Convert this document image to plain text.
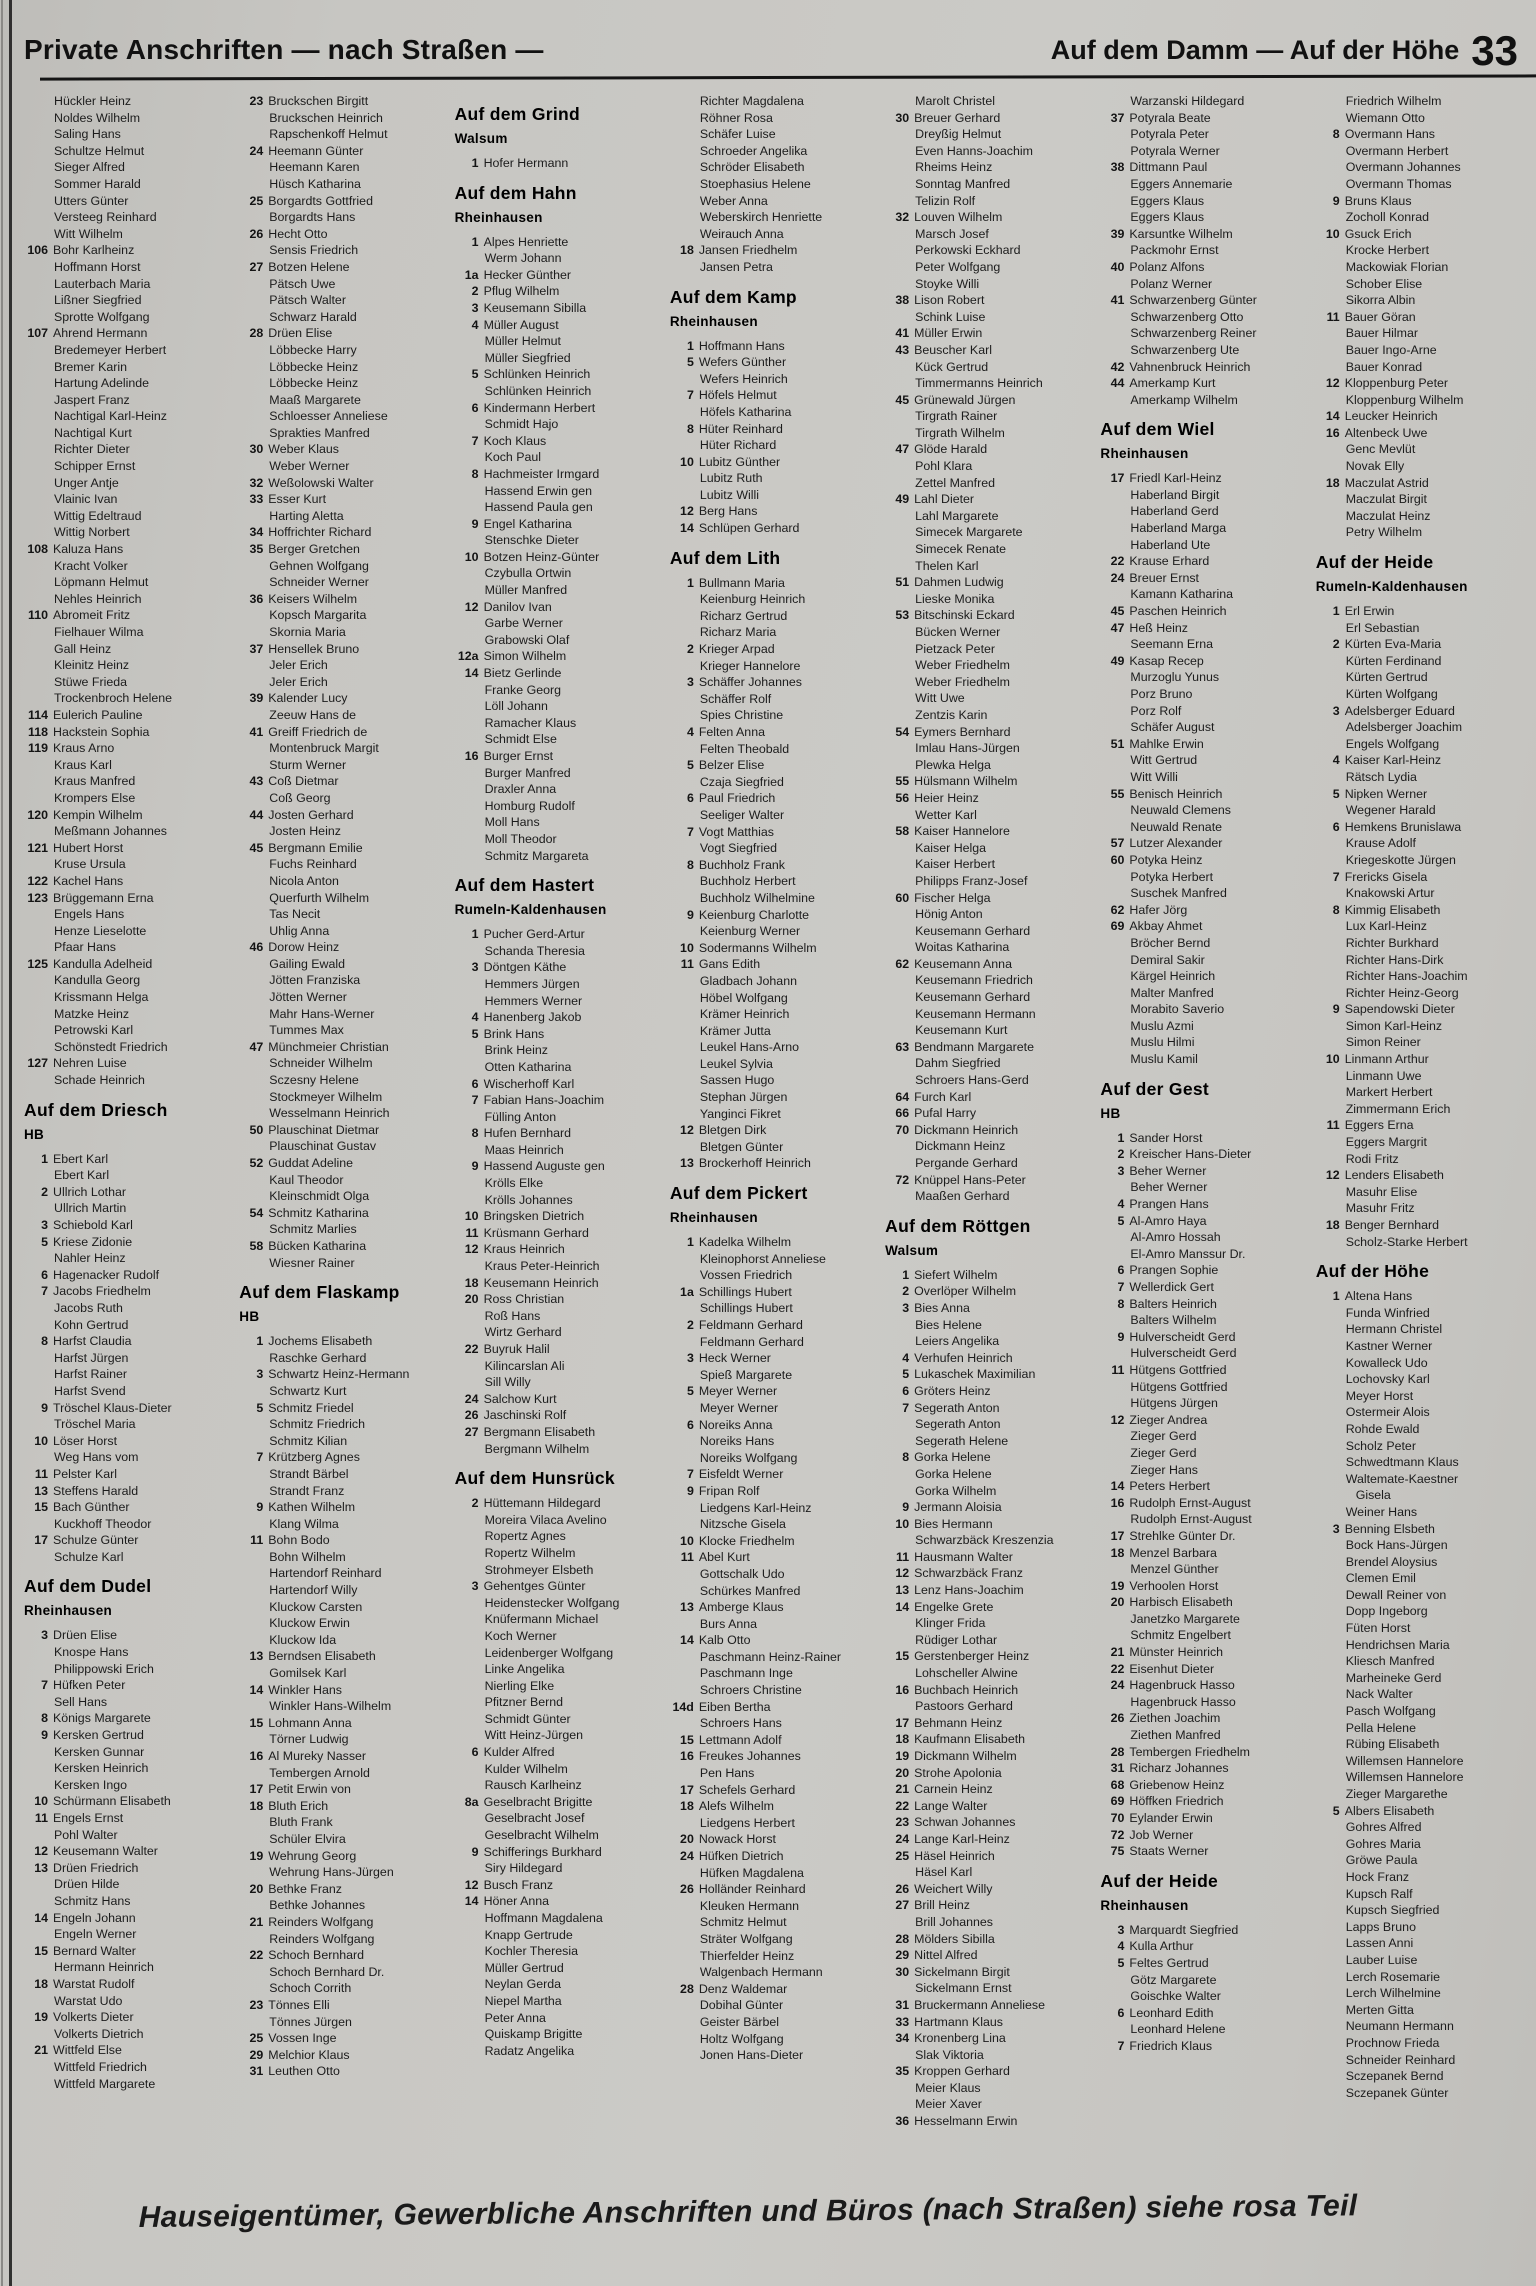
Private Anschriften — nach Straßen —	Auf dem Damm — Auf der Höhe 33
Hückler Heinz
Noldes Wilhelm
Saling Hans
Schultze Helmut
Sieger Alfred
Sommer Harald
Utters Günter
Versteeg Reinhard
Witt Wilhelm
106 Bohr Karlheinz
Hoffmann Horst
Lauterbach Maria
Lißner Siegfried
Sprotte Wolfgang
107 Ahrend Hermann
Bredemeyer Herbert
Bremer Karin
Hartung Adelinde
Jaspert Franz
Nachtigal Karl-Heinz
Nachtigal Kurt
Richter Dieter
Schipper Ernst
Unger Antje
Vlainic Ivan
Wittig Edeltraud
Wittig Norbert
108 Kaluza Hans
Kracht Volker
Löpmann Helmut
Nehles Heinrich
110 Abromeit Fritz
Fielhauer Wilma
Gall Heinz
Kleinitz Heinz
Stüwe Frieda
Trockenbroch Helene
114 Eulerich Pauline
118 Hackstein Sophia
119 Kraus Arno
Kraus Karl
Kraus Manfred
Krompers Else
120 Kempin Wilhelm
Meßmann Johannes
121 Hubert Horst
Kruse Ursula
122 Kachel Hans
123 Brüggemann Erna
Engels Hans
Henze Lieselotte
Pfaar Hans
125 Kandulla Adelheid
Kandulla Georg
Krissmann Helga
Matzke Heinz
Petrowski Karl
Schönstedt Friedrich
127 Nehren Luise
Schade Heinrich
Auf dem Driesch
HB
1 Ebert Karl
Ebert Karl
2 Ullrich Lothar
Ullrich Martin
3 Schiebold Karl
5 Kriese Zidonie
Nahler Heinz
6 Hagenacker Rudolf
7 Jacobs Friedhelm
Jacobs Ruth
Kohn Gertrud
8 Harfst Claudia
Harfst Jürgen
Harfst Rainer
Harfst Svend
9 Tröschel Klaus-Dieter
Tröschel Maria
10 Löser Horst
Weg Hans vom
11 Pelster Karl
13 Steffens Harald
15 Bach Günther
Kuckhoff Theodor
17 Schulze Günter
Schulze Karl
Auf dem Dudel
Rheinhausen
3 Drüen Elise
Knospe Hans
Philippowski Erich
7 Hüfken Peter
Sell Hans
8 Königs Margarete
9 Kersken Gertrud
Kersken Gunnar
Kersken Heinrich
Kersken Ingo
10 Schürmann Elisabeth
11 Engels Ernst
Pohl Walter
12 Keusemann Walter
13 Drüen Friedrich
Drüen Hilde
Schmitz Hans
14 Engeln Johann
Engeln Werner
15 Bernard Walter
Hermann Heinrich
18 Warstat Rudolf
Warstat Udo
19 Volkerts Dieter
Volkerts Dietrich
21 Wittfeld Else
Wittfeld Friedrich
Wittfeld Margarete
23 Bruckschen Birgitt
Bruckschen Heinrich
Rapschenkoff Helmut
24 Heemann Günter
Heemann Karen
Hüsch Katharina
25 Borgardts Gottfried
Borgardts Hans
26 Hecht Otto
Sensis Friedrich
27 Botzen Helene
Pätsch Uwe
Pätsch Walter
Schwarz Harald
28 Drüen Elise
Löbbecke Harry
Löbbecke Heinz
Löbbecke Heinz
Maaß Margarete
Schloesser Anneliese
Sprakties Manfred
30 Weber Klaus
Weber Werner
32 Weßolowski Walter
33 Esser Kurt
Harting Aletta
34 Hoffrichter Richard
35 Berger Gretchen
Gehnen Wolfgang
Schneider Werner
36 Keisers Wilhelm
Kopsch Margarita
Skornia Maria
37 Hensellek Bruno
Jeler Erich
Jeler Erich
39 Kalender Lucy
Zeeuw Hans de
41 Greiff Friedrich de
Montenbruck Margit
Sturm Werner
43 Coß Dietmar
Coß Georg
44 Josten Gerhard
Josten Heinz
45 Bergmann Emilie
Fuchs Reinhard
Nicola Anton
Querfurth Wilhelm
Tas Necit
Uhlig Anna
46 Dorow Heinz
Gailing Ewald
Jötten Franziska
Jötten Werner
Mahr Hans-Werner
Tummes Max
47 Münchmeier Christian
Schneider Wilhelm
Sczesny Helene
Stockmeyer Wilhelm
Wesselmann Heinrich
50 Plauschinat Dietmar
Plauschinat Gustav
52 Guddat Adeline
Kaul Theodor
Kleinschmidt Olga
54 Schmitz Katharina
Schmitz Marlies
58 Bücken Katharina
Wiesner Rainer
Auf dem Flaskamp
HB
1 Jochems Elisabeth
Raschke Gerhard
3 Schwartz Heinz-Hermann
Schwartz Kurt
5 Schmitz Friedel
Schmitz Friedrich
Schmitz Kilian
7 Krützberg Agnes
Strandt Bärbel
Strandt Franz
9 Kathen Wilhelm
Klang Wilma
11 Bohn Bodo
Bohn Wilhelm
Hartendorf Reinhard
Hartendorf Willy
Kluckow Carsten
Kluckow Erwin
Kluckow Ida
13 Berndsen Elisabeth
Gomilsek Karl
14 Winkler Hans
Winkler Hans-Wilhelm
15 Lohmann Anna
Törner Ludwig
16 Al Mureky Nasser
Tembergen Arnold
17 Petit Erwin von
18 Bluth Erich
Bluth Frank
Schüler Elvira
19 Wehrung Georg
Wehrung Hans-Jürgen
20 Bethke Franz
Bethke Johannes
21 Reinders Wolfgang
Reinders Wolfgang
22 Schoch Bernhard
Schoch Bernhard Dr.
Schoch Corrith
23 Tönnes Elli
Tönnes Jürgen
25 Vossen Inge
29 Melchior Klaus
31 Leuthen Otto
Auf dem Grind
Walsum
1 Hofer Hermann
Auf dem Hahn
Rheinhausen
1 Alpes Henriette
Werm Johann
1a Hecker Günther
2 Pflug Wilhelm
3 Keusemann Sibilla
4 Müller August
Müller Helmut
Müller Siegfried
5 Schlünken Heinrich
Schlünken Heinrich
6 Kindermann Herbert
Schmidt Hajo
7 Koch Klaus
Koch Paul
8 Hachmeister Irmgard
Hassend Erwin gen
Hassend Paula gen
9 Engel Katharina
Stenschke Dieter
10 Botzen Heinz-Günter
Czybulla Ortwin
Müller Manfred
12 Danilov Ivan
Garbe Werner
Grabowski Olaf
12a Simon Wilhelm
14 Bietz Gerlinde
Franke Georg
Löll Johann
Ramacher Klaus
Schmidt Else
16 Burger Ernst
Burger Manfred
Draxler Anna
Homburg Rudolf
Moll Hans
Moll Theodor
Schmitz Margareta
Auf dem Hastert
Rumeln-Kaldenhausen
1 Pucher Gerd-Artur
Schanda Theresia
3 Döntgen Käthe
Hemmers Jürgen
Hemmers Werner
4 Hanenberg Jakob
5 Brink Hans
Brink Heinz
Otten Katharina
6 Wischerhoff Karl
7 Fabian Hans-Joachim
Fülling Anton
8 Hufen Bernhard
Maas Heinrich
9 Hassend Auguste gen
Krölls Elke
Krölls Johannes
10 Bringsken Dietrich
11 Krüsmann Gerhard
12 Kraus Heinrich
Kraus Peter-Heinrich
18 Keusemann Heinrich
20 Ross Christian
Roß Hans
Wirtz Gerhard
22 Buyruk Halil
Kilincarslan Ali
Sill Willy
24 Salchow Kurt
26 Jaschinski Rolf
27 Bergmann Elisabeth
Bergmann Wilhelm
Auf dem Hunsrück
2 Hüttemann Hildegard
Moreira Vilaca Avelino
Ropertz Agnes
Ropertz Wilhelm
Strohmeyer Elsbeth
3 Gehentges Günter
Heidenstecker Wolfgang
Knüfermann Michael
Koch Werner
Leidenberger Wolfgang
Linke Angelika
Nierling Elke
Pfitzner Bernd
Schmidt Günter
Witt Heinz-Jürgen
6 Kulder Alfred
Kulder Wilhelm
Rausch Karlheinz
8a Geselbracht Brigitte
Geselbracht Josef
Geselbracht Wilhelm
9 Schifferings Burkhard
Siry Hildegard
12 Busch Franz
14 Höner Anna
Hoffmann Magdalena
Knapp Gertrude
Kochler Theresia
Müller Gertrud
Neylan Gerda
Niepel Martha
Peter Anna
Quiskamp Brigitte
Radatz Angelika
Richter Magdalena
Röhner Rosa
Schäfer Luise
Schroeder Angelika
Schröder Elisabeth
Stoephasius Helene
Weber Anna
Weberskirch Henriette
Weirauch Anna
18 Jansen Friedhelm
Jansen Petra
Auf dem Kamp
Rheinhausen
1 Hoffmann Hans
5 Wefers Günther
Wefers Heinrich
7 Höfels Helmut
Höfels Katharina
8 Hüter Reinhard
Hüter Richard
10 Lubitz Günther
Lubitz Ruth
Lubitz Willi
12 Berg Hans
14 Schlüpen Gerhard
Auf dem Lith
1 Bullmann Maria
Keienburg Heinrich
Richarz Gertrud
Richarz Maria
2 Krieger Arpad
Krieger Hannelore
3 Schäffer Johannes
Schäffer Rolf
Spies Christine
4 Felten Anna
Felten Theobald
5 Belzer Elise
Czaja Siegfried
6 Paul Friedrich
Seeliger Walter
7 Vogt Matthias
Vogt Siegfried
8 Buchholz Frank
Buchholz Herbert
Buchholz Wilhelmine
9 Keienburg Charlotte
Keienburg Werner
10 Sodermanns Wilhelm
11 Gans Edith
Gladbach Johann
Höbel Wolfgang
Krämer Heinrich
Krämer Jutta
Leukel Hans-Arno
Leukel Sylvia
Sassen Hugo
Stephan Jürgen
Yanginci Fikret
12 Bletgen Dirk
Bletgen Günter
13 Brockerhoff Heinrich
Auf dem Pickert
Rheinhausen
1 Kadelka Wilhelm
Kleinophorst Anneliese
Vossen Friedrich
1a Schillings Hubert
Schillings Hubert
2 Feldmann Gerhard
Feldmann Gerhard
3 Heck Werner
Spieß Margarete
5 Meyer Werner
Meyer Werner
6 Noreiks Anna
Noreiks Hans
Noreiks Wolfgang
7 Eisfeldt Werner
9 Fripan Rolf
Liedgens Karl-Heinz
Nitzsche Gisela
10 Klocke Friedhelm
11 Abel Kurt
Gottschalk Udo
Schürkes Manfred
13 Amberge Klaus
Burs Anna
14 Kalb Otto
Paschmann Heinz-Rainer
Paschmann Inge
Schroers Christine
14d Eiben Bertha
Schroers Hans
15 Lettmann Adolf
16 Freukes Johannes
Pen Hans
17 Schefels Gerhard
18 Alefs Wilhelm
Liedgens Herbert
20 Nowack Horst
24 Hüfken Dietrich
Hüfken Magdalena
26 Holländer Reinhard
Kleuken Hermann
Schmitz Helmut
Sträter Wolfgang
Thierfelder Heinz
Walgenbach Hermann
28 Denz Waldemar
Dobihal Günter
Geister Bärbel
Holtz Wolfgang
Jonen Hans-Dieter
Marolt Christel
30 Breuer Gerhard
Dreyßig Helmut
Even Hanns-Joachim
Rheims Heinz
Sonntag Manfred
Telizin Rolf
32 Louven Wilhelm
Marsch Josef
Perkowski Eckhard
Peter Wolfgang
Stoyke Willi
38 Lison Robert
Schink Luise
41 Müller Erwin
43 Beuscher Karl
Kück Gertrud
Timmermanns Heinrich
45 Grünewald Jürgen
Tirgrath Rainer
Tirgrath Wilhelm
47 Glöde Harald
Pohl Klara
Zettel Manfred
49 Lahl Dieter
Lahl Margarete
Simecek Margarete
Simecek Renate
Thelen Karl
51 Dahmen Ludwig
Lieske Monika
53 Bitschinski Eckard
Bücken Werner
Pietzack Peter
Weber Friedhelm
Weber Friedhelm
Witt Uwe
Zentzis Karin
54 Eymers Bernhard
Imlau Hans-Jürgen
Plewka Helga
55 Hülsmann Wilhelm
56 Heier Heinz
Wetter Karl
58 Kaiser Hannelore
Kaiser Helga
Kaiser Herbert
Philipps Franz-Josef
60 Fischer Helga
Hönig Anton
Keusemann Gerhard
Woitas Katharina
62 Keusemann Anna
Keusemann Friedrich
Keusemann Gerhard
Keusemann Hermann
Keusemann Kurt
63 Bendmann Margarete
Dahm Siegfried
Schroers Hans-Gerd
64 Furch Karl
66 Pufal Harry
70 Dickmann Heinrich
Dickmann Heinz
Pergande Gerhard
72 Knüppel Hans-Peter
Maaßen Gerhard
Auf dem Röttgen
Walsum
1 Siefert Wilhelm
2 Overlöper Wilhelm
3 Bies Anna
Bies Helene
Leiers Angelika
4 Verhufen Heinrich
5 Lukaschek Maximilian
6 Gröters Heinz
7 Segerath Anton
Segerath Anton
Segerath Helene
8 Gorka Helene
Gorka Helene
Gorka Wilhelm
9 Jermann Aloisia
10 Bies Hermann
Schwarzbäck Kreszenzia
11 Hausmann Walter
12 Schwarzbäck Franz
13 Lenz Hans-Joachim
14 Engelke Grete
Klinger Frida
Rüdiger Lothar
15 Gerstenberger Heinz
Lohscheller Alwine
16 Buchbach Heinrich
Pastoors Gerhard
17 Behmann Heinz
18 Kaufmann Elisabeth
19 Dickmann Wilhelm
20 Strohe Apolonia
21 Carnein Heinz
22 Lange Walter
23 Schwan Johannes
24 Lange Karl-Heinz
25 Häsel Heinrich
Häsel Karl
26 Weichert Willy
27 Brill Heinz
Brill Johannes
28 Mölders Sibilla
29 Nittel Alfred
30 Sickelmann Birgit
Sickelmann Ernst
31 Bruckermann Anneliese
33 Hartmann Klaus
34 Kronenberg Lina
Slak Viktoria
35 Kroppen Gerhard
Meier Klaus
Meier Xaver
36 Hesselmann Erwin
Warzanski Hildegard
37 Potyrala Beate
Potyrala Peter
Potyrala Werner
38 Dittmann Paul
Eggers Annemarie
Eggers Klaus
Eggers Klaus
39 Karsuntke Wilhelm
Packmohr Ernst
40 Polanz Alfons
Polanz Werner
41 Schwarzenberg Günter
Schwarzenberg Otto
Schwarzenberg Reiner
Schwarzenberg Ute
42 Vahnenbruck Heinrich
44 Amerkamp Kurt
Amerkamp Wilhelm
Auf dem Wiel
Rheinhausen
17 Friedl Karl-Heinz
Haberland Birgit
Haberland Gerd
Haberland Marga
Haberland Ute
22 Krause Erhard
24 Breuer Ernst
Kamann Katharina
45 Paschen Heinrich
47 Heß Heinz
Seemann Erna
49 Kasap Recep
Murzoglu Yunus
Porz Bruno
Porz Rolf
Schäfer August
51 Mahlke Erwin
Witt Gertrud
Witt Willi
55 Benisch Heinrich
Neuwald Clemens
Neuwald Renate
57 Lutzer Alexander
60 Potyka Heinz
Potyka Herbert
Suschek Manfred
62 Hafer Jörg
69 Akbay Ahmet
Bröcher Bernd
Demiral Sakir
Kärgel Heinrich
Malter Manfred
Morabito Saverio
Muslu Azmi
Muslu Hilmi
Muslu Kamil
Auf der Gest
HB
1 Sander Horst
2 Kreischer Hans-Dieter
3 Beher Werner
Beher Werner
4 Prangen Hans
5 Al-Amro Haya
Al-Amro Hossah
El-Amro Manssur Dr.
6 Prangen Sophie
7 Wellerdick Gert
8 Balters Heinrich
Balters Wilhelm
9 Hulverscheidt Gerd
Hulverscheidt Gerd
11 Hütgens Gottfried
Hütgens Gottfried
Hütgens Jürgen
12 Zieger Andrea
Zieger Gerd
Zieger Gerd
Zieger Hans
14 Peters Herbert
16 Rudolph Ernst-August
Rudolph Ernst-August
17 Strehlke Günter Dr.
18 Menzel Barbara
Menzel Günther
19 Verhoolen Horst
20 Harbisch Elisabeth
Janetzko Margarete
Schmitz Engelbert
21 Münster Heinrich
22 Eisenhut Dieter
24 Hagenbruck Hasso
Hagenbruck Hasso
26 Ziethen Joachim
Ziethen Manfred
28 Tembergen Friedhelm
31 Richarz Johannes
68 Griebenow Heinz
69 Höffken Friedrich
70 Eylander Erwin
72 Job Werner
75 Staats Werner
Auf der Heide
Rheinhausen
3 Marquardt Siegfried
4 Kulla Arthur
5 Feltes Gertrud
Götz Margarete
Goischke Walter
6 Leonhard Edith
Leonhard Helene
7 Friedrich Klaus
Friedrich Wilhelm
Wiemann Otto
8 Overmann Hans
Overmann Herbert
Overmann Johannes
Overmann Thomas
9 Bruns Klaus
Zocholl Konrad
10 Gsuck Erich
Krocke Herbert
Mackowiak Florian
Schober Elise
Sikorra Albin
11 Bauer Göran
Bauer Hilmar
Bauer Ingo-Arne
Bauer Konrad
12 Kloppenburg Peter
Kloppenburg Wilhelm
14 Leucker Heinrich
16 Altenbeck Uwe
Genc Mevlüt
Novak Elly
18 Maczulat Astrid
Maczulat Birgit
Maczulat Heinz
Petry Wilhelm
Auf der Heide
Rumeln-Kaldenhausen
1 Erl Erwin
Erl Sebastian
2 Kürten Eva-Maria
Kürten Ferdinand
Kürten Gertrud
Kürten Wolfgang
3 Adelsberger Eduard
Adelsberger Joachim
Engels Wolfgang
4 Kaiser Karl-Heinz
Rätsch Lydia
5 Nipken Werner
Wegener Harald
6 Hemkens Brunislawa
Krause Adolf
Kriegeskotte Jürgen
7 Frericks Gisela
Knakowski Artur
8 Kimmig Elisabeth
Lux Karl-Heinz
Richter Burkhard
Richter Hans-Dirk
Richter Hans-Joachim
Richter Heinz-Georg
9 Sapendowski Dieter
Simon Karl-Heinz
Simon Reiner
10 Linmann Arthur
Linmann Uwe
Markert Herbert
Zimmermann Erich
11 Eggers Erna
Eggers Margrit
Rodi Fritz
12 Lenders Elisabeth
Masuhr Elise
Masuhr Fritz
18 Benger Bernhard
Scholz-Starke Herbert
Auf der Höhe
1 Altena Hans
Funda Winfried
Hermann Christel
Kastner Werner
Kowalleck Udo
Lochovsky Karl
Meyer Horst
Ostermeir Alois
Rohde Ewald
Scholz Peter
Schwedtmann Klaus
Waltemate-Kaestner
Gisela
Weiner Hans
3 Benning Elsbeth
Bock Hans-Jürgen
Brendel Aloysius
Clemen Emil
Dewall Reiner von
Dopp Ingeborg
Füten Horst
Hendrichsen Maria
Kliesch Manfred
Marheineke Gerd
Nack Walter
Pasch Wolfgang
Pella Helene
Rübing Elisabeth
Willemsen Hannelore
Willemsen Hannelore
Zieger Margarethe
5 Albers Elisabeth
Gohres Alfred
Gohres Maria
Gröwe Paula
Hock Franz
Kupsch Ralf
Kupsch Siegfried
Lapps Bruno
Lassen Anni
Lauber Luise
Lerch Rosemarie
Lerch Wilhelmine
Merten Gitta
Neumann Hermann
Prochnow Frieda
Schneider Reinhard
Sczepanek Bernd
Sczepanek Günter
Hauseigentümer, Gewerbliche Anschriften und Büros (nach Straßen) siehe rosa Teil
